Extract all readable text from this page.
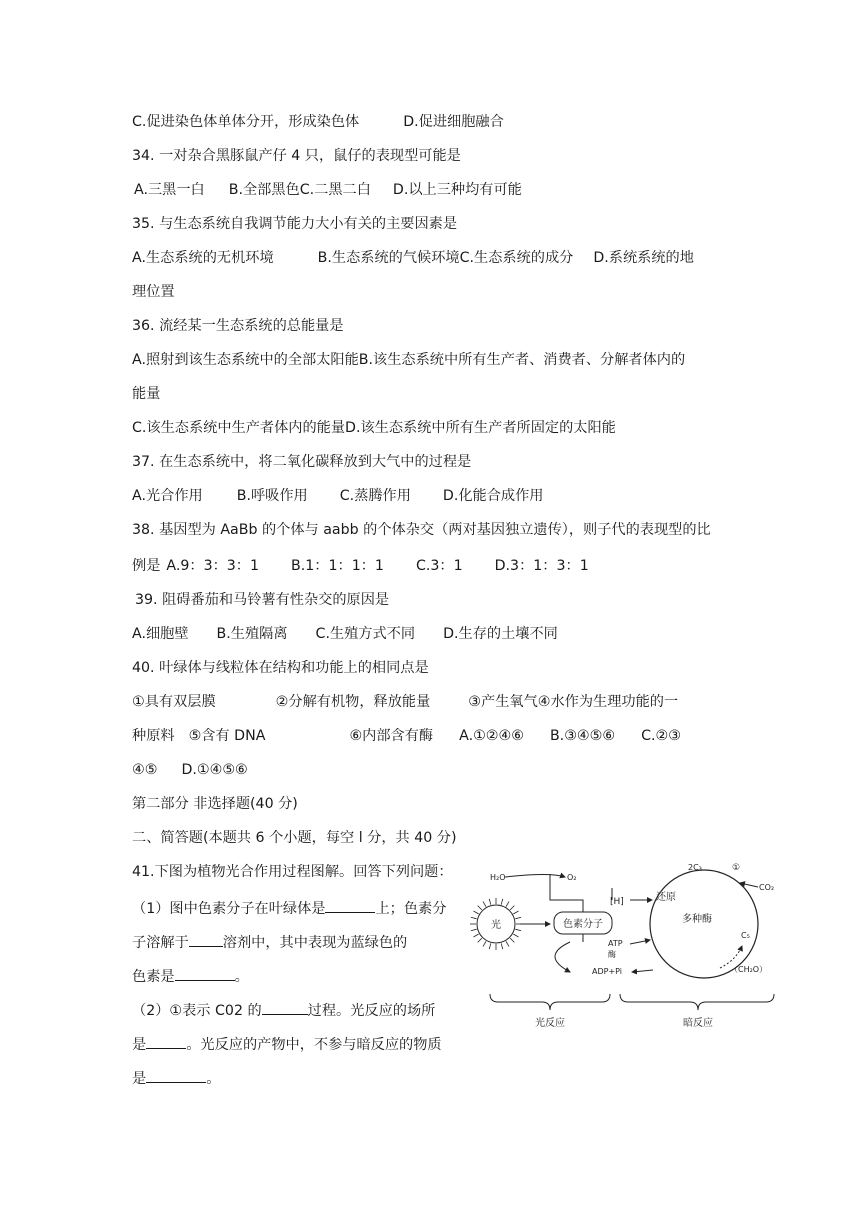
C.促进染色体单体分开，形成染色体	D.促进细胞融合
34. 一对杂合黑豚鼠产仔 4 只，鼠仔的表现型可能是
A.三黑一白 B.全部黑色C.二黑二白 D.以上三种均有可能
35. 与生态系统自我调节能力大小有关的主要因素是
A.生态系统的无机环境	B.生态系统的气候环境C.生态系统的成分 D.系统系统的地
理位置
36. 流经某一生态系统的总能量是
A.照射到该生态系统中的全部太阳能B.该生态系统中所有生产者、消费者、分解者体内的
能量
C.该生态系统中生产者体内的能量D.该生态系统中所有生产者所固定的太阳能
37. 在生态系统中，将二氧化碳释放到大气中的过程是
A.光合作用 B.呼吸作用 C.蒸腾作用 D.化能合成作用
38. 基因型为 AaBb 的个体与 aabb 的个体杂交（两对基因独立遗传），则子代的表现型的比
例是 A.9：3：3：1 B.1：1：1：1 C.3：1 D.3：1：3：1
39. 阻碍番茄和马铃薯有性杂交的原因是
A.细胞壁 B.生殖隔离 C.生殖方式不同 D.生存的土壤不同
40. 叶绿体与线粒体在结构和功能上的相同点是
①具有双层膜	②分解有机物，释放能量	③产生氧气④水作为生理功能的一
种原料 ⑤含有 DNA	⑥内部含有酶 A.①②④⑥ B.③④⑤⑥ C.②③
④⑤ D.①④⑤⑥
第二部分 非选择题(40 分)
二、简答题(本题共 6 个小题，每空 l 分，共 40 分)
41.下图为植物光合作用过程图解。回答下列问题：
（1）图中色素分子在叶绿体是	上；色素分
子溶解于 溶剂中，其中表现为蓝绿色的
色素是	。
（2）①表示 C02 的	过程。光反应的场所
是	。光反应的产物中，不参与暗反应的物质
是	。
光	色素分子
H₂O	O₂
[H]
ATP
酶
ADP+Pi
2C₃	①
CO₂
还原
多种酶
C₅
（CH₂O）
光反应	暗反应
